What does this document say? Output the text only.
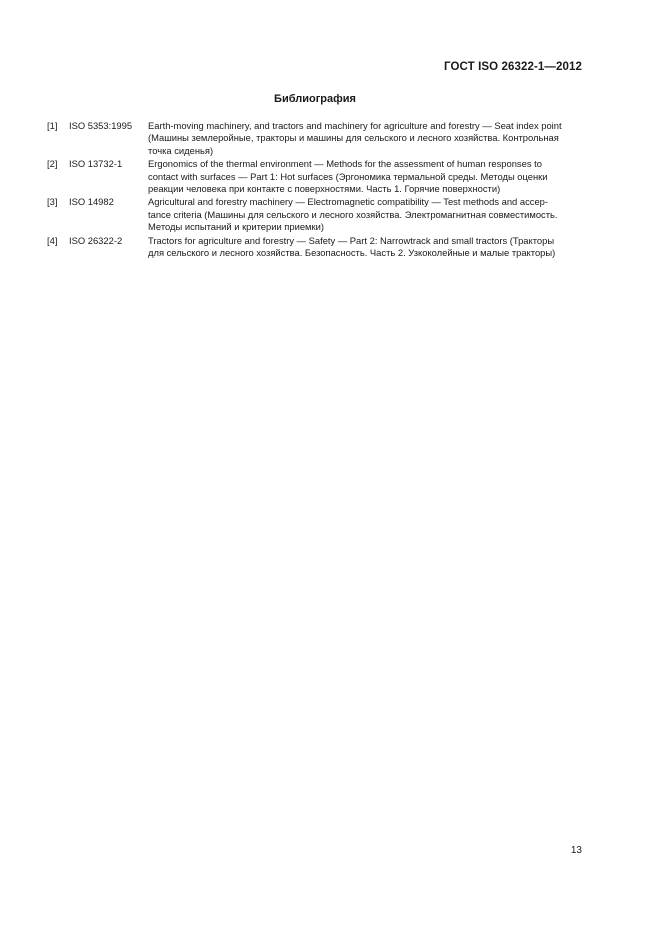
ГОСТ ISO 26322-1—2012
Библиография
[1]	ISO 5353:1995	Earth-moving machinery, and tractors and machinery for agriculture and forestry — Seat index point
(Машины землеройные, тракторы и машины для сельского и лесного хозяйства. Контрольная
точка сиденья)
[2]	ISO 13732-1	Ergonomics of the thermal environment — Methods for the assessment of human responses to
contact with surfaces — Part 1: Hot surfaces (Эргономика термальной среды. Методы оценки
реакции человека при контакте с поверхностями. Часть 1. Горячие поверхности)
[3]	ISO 14982	Agricultural and forestry machinery — Electromagnetic compatibility — Test methods and accep-
tance criteria (Машины для сельского и лесного хозяйства. Электромагнитная совместимость.
Методы испытаний и критерии приемки)
[4]	ISO 26322-2	Tractors for agriculture and forestry — Safety — Part 2: Narrowtrack and small tractors (Тракторы
для сельского и лесного хозяйства. Безопасность. Часть 2. Узкоколейные и малые тракторы)
13
